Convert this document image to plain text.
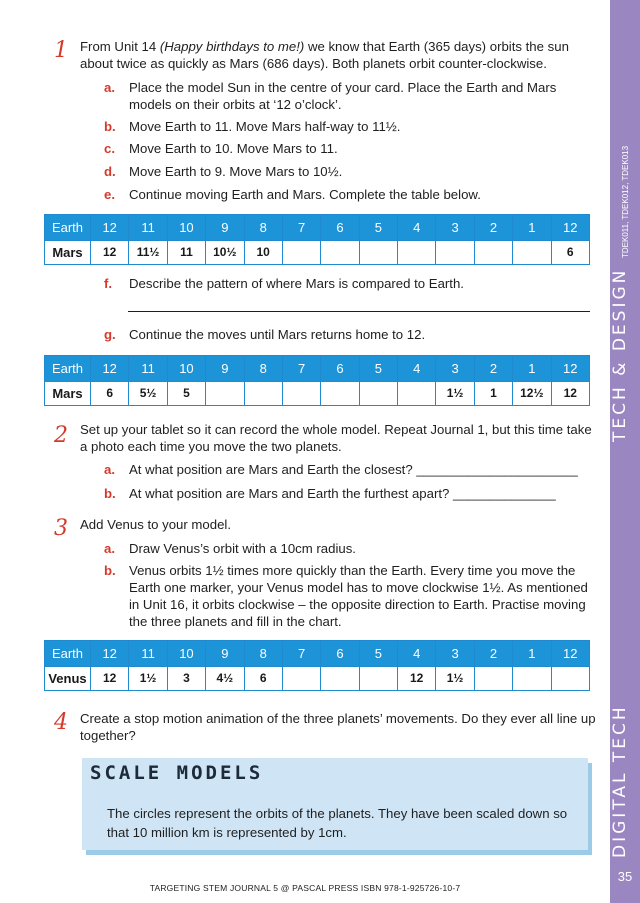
TDEK011, TDEK012, TDEK013
TECH & DESIGN
DIGITAL TECH
35
1 From Unit 14 (Happy birthdays to me!) we know that Earth (365 days) orbits the sun about twice as quickly as Mars (686 days). Both planets orbit counter-clockwise.
a.	Place the model Sun in the centre of your card. Place the Earth and Mars models on their orbits at ‘12 o’clock’.
b.	Move Earth to 11. Move Mars half-way to 11½.
c.	Move Earth to 10. Move Mars to 11.
d.	Move Earth to 9. Move Mars to 10½.
e.	Continue moving Earth and Mars. Complete the table below.
Earth	12	11	10	9	8	7	6	5	4	3	2	1	12
Mars	12	11½	11	10½	10								6
f.	Describe the pattern of where Mars is compared to Earth.
g.	Continue the moves until Mars returns home to 12.
Earth	12	11	10	9	8	7	6	5	4	3	2	1	12
Mars	6	5½	5							1½	1	12½	12
2 Set up your tablet so it can record the whole model. Repeat Journal 1, but this time take a photo each time you move the two planets.
a.	At what position are Mars and Earth the closest? ______________________
b.	At what position are Mars and Earth the furthest apart? ______________
3 Add Venus to your model.
a.	Draw Venus’s orbit with a 10cm radius.
b.	Venus orbits 1½ times more quickly than the Earth. Every time you move the Earth one marker, your Venus model has to move clockwise 1½. As mentioned in Unit 16, it orbits clockwise – the opposite direction to Earth. Practise moving the three planets and fill in the chart.
Earth	12	11	10	9	8	7	6	5	4	3	2	1	12
Venus	12	1½	3	4½	6				12	1½			
4 Create a stop motion animation of the three planets’ movements. Do they ever all line up together?
SCALE MODELS
The circles represent the orbits of the planets. They have been scaled down so that 10 million km is represented by 1cm.
TARGETING STEM JOURNAL 5 @ PASCAL PRESS ISBN 978-1-925726-10-7
